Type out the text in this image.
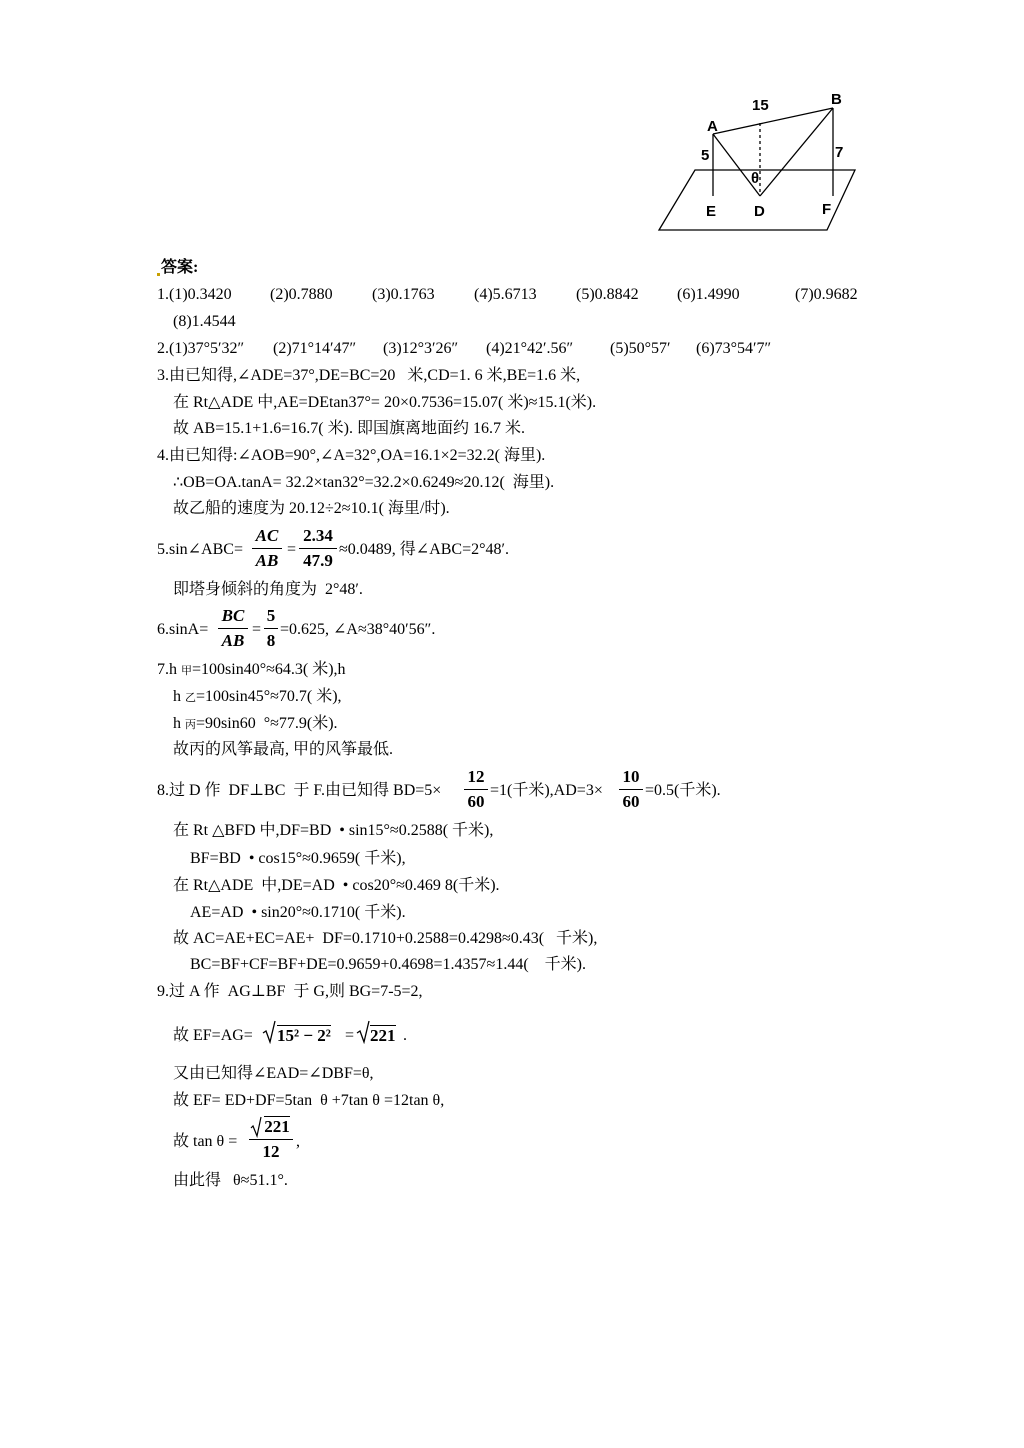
A
B
15
5	7
θ
E	D	F
答案:
1.(1)0.3420 (2)0.7880 (3)0.1763 (4)5.6713 (5)0.8842 (6)1.4990	(7)0.9682
(8)1.4544
2.(1)37°5′32″ (2)71°14′47″ (3)12°3′26″ (4)21°42′.56″ (5)50°57′ (6)73°54′7″
3.由已知得,∠ADE=37°,DE=BC=20   米,CD=1. 6 米,BE=1.6 米,
在 Rt△ADE 中,AE=DEtan37°= 20×0.7536=15.07( 米)≈15.1(米).
故 AB=15.1+1.6=16.7( 米). 即国旗离地面约 16.7 米.
4.由已知得:∠AOB=90°,∠A=32°,OA=16.1×2=32.2( 海里).
∴OB=OA.tanA= 32.2×tan32°=32.2×0.6249≈20.12(  海里).
故乙船的速度为 20.12÷2≈10.1( 海里/时).
5.sin∠ABC=
AC
AB
=
2.34
47.9
≈0.0489, 得∠ABC=2°48′.
即塔身倾斜的角度为  2°48′.
6.sinA=
BC
AB
=
5
8
=0.625, ∠A≈38°40′56″.
7.h 甲=100sin40°≈64.3( 米),h
h 乙=100sin45°≈70.7( 米),
h 丙=90sin60  °≈77.9(米).
故丙的风筝最高, 甲的风筝最低.
8.过 D 作  DF⊥BC  于 F.由已知得 BD=5×
12
60
=1(千米),AD=3×
10
60
=0.5(千米).
在 Rt △BFD 中,DF=BD  • sin15°≈0.2588( 千米),
BF=BD  • cos15°≈0.9659( 千米),
在 Rt△ADE  中,DE=AD  • cos20°≈0.469 8(千米).
AE=AD  • sin20°≈0.1710( 千米).
故 AC=AE+EC=AE+  DF=0.1710+0.2588=0.4298≈0.43(   千米),
BC=BF+CF=BF+DE=0.9659+0.4698=1.4357≈1.44(    千米).
9.过 A 作  AG⊥BF  于 G,则 BG=7-5=2,
故 EF=AG= 15² − 2² = 221 .
又由已知得∠EAD=∠DBF=θ,
故 EF= ED+DF=5tan  θ +7tan θ =12tan θ,
故 tan θ =
221
12
,
由此得   θ≈51.1°.
